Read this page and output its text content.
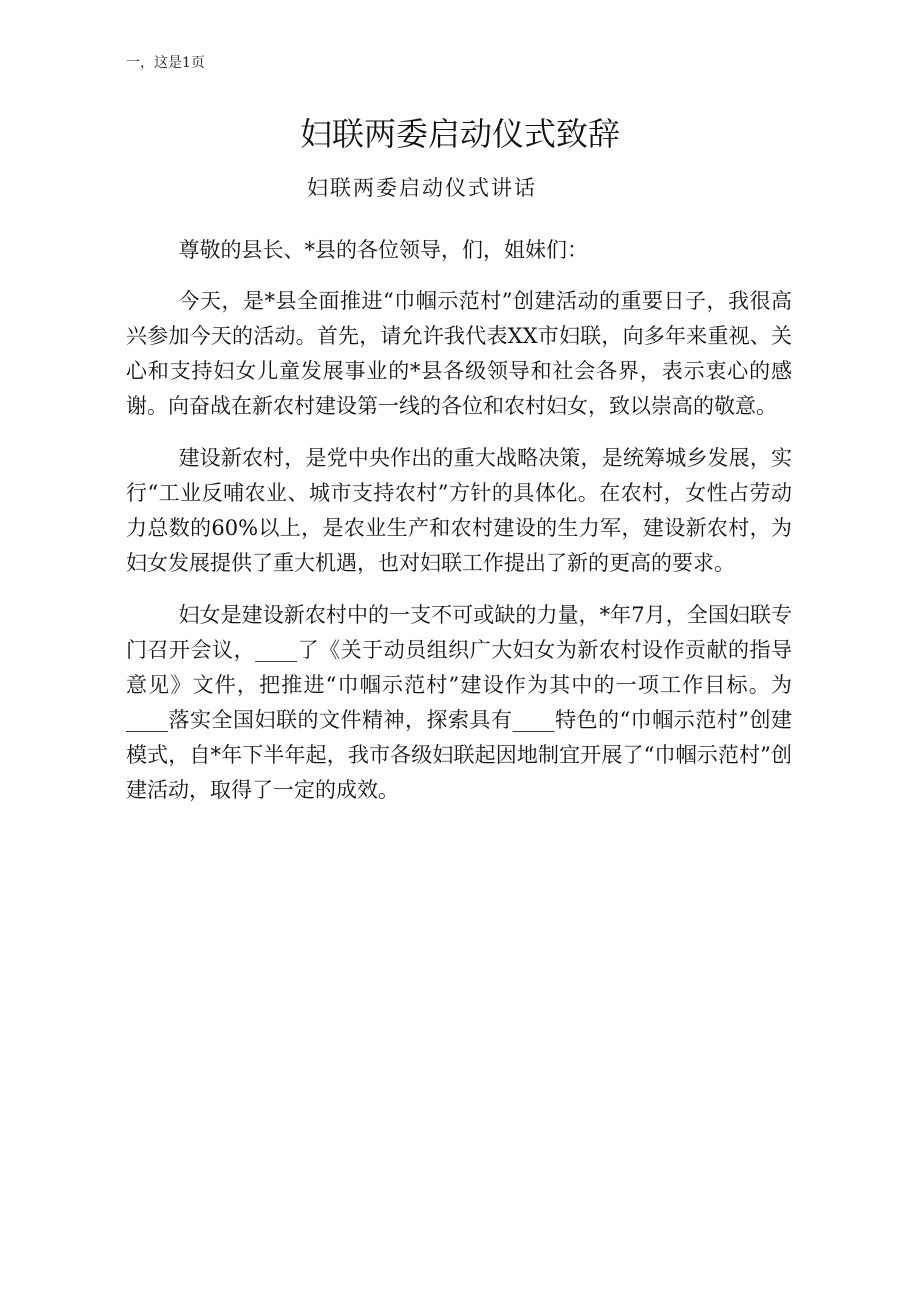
一，这是1页
妇联两委启动仪式致辞
妇联两委启动仪式讲话

尊敬的县长、*县的各位领导，们，姐妹们：

今天，是*县全面推进“巾帼示范村”创建活动的重要日子，我很高兴参加今天的活动。首先，请允许我代表XX市妇联，向多年来重视、关心和支持妇女儿童发展事业的*县各级领导和社会各界，表示衷心的感谢。向奋战在新农村建设第一线的各位和农村妇女，致以崇高的敬意。

建设新农村，是党中央作出的重大战略决策，是统筹城乡发展，实行“工业反哺农业、城市支持农村”方针的具体化。在农村，女性占劳动力总数的60%以上，是农业生产和农村建设的生力军，建设新农村，为妇女发展提供了重大机遇，也对妇联工作提出了新的更高的要求。

妇女是建设新农村中的一支不可或缺的力量，*年7月，全国妇联专门召开会议，____了《关于动员组织广大妇女为新农村设作贡献的指导意见》文件，把推进“巾帼示范村”建设作为其中的一项工作目标。为____落实全国妇联的文件精神，探索具有____特色的“巾帼示范村”创建模式，自*年下半年起，我市各级妇联起因地制宜开展了“巾帼示范村”创建活动，取得了一定的成效。
